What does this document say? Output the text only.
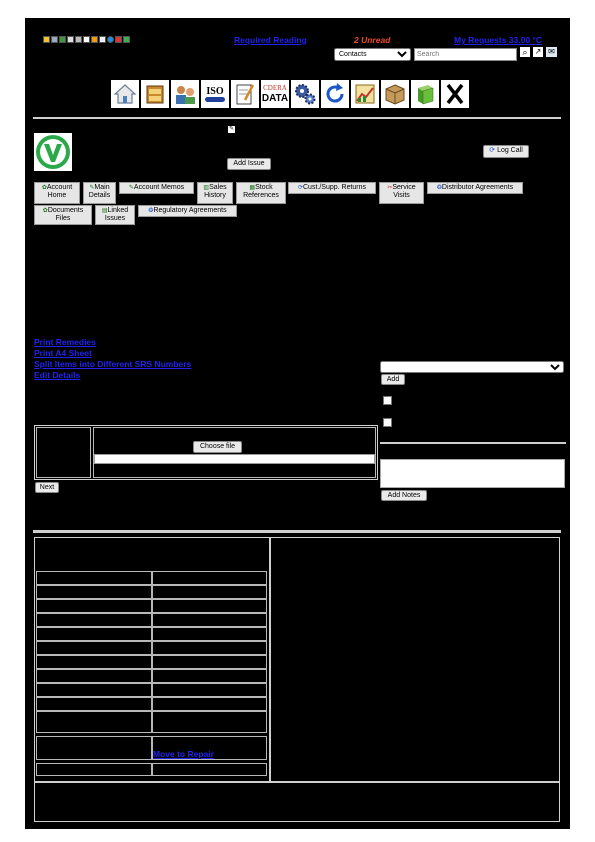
Required Reading	2 Unread	My Requests 33.00 °C
Contacts
Search
⌕ ↗ ✉
ISO	CDERA
DATA
✎
Add Issue
⟳ Log Call
✿Account Home
✎Main Details
✎Account Memos	▥Sales History
▦Stock References
⟳Cust./Supp. Returns	✂Service Visits
❂Distributor Agreements
✿Documents Files
▤Linked Issues
❂Regulatory Agreements
Print Remedies
Print A4 Sheet
Split Items into Different SRS Numbers
Edit Details	Add
Add Notes
Choose file
Next
Move to Repair
